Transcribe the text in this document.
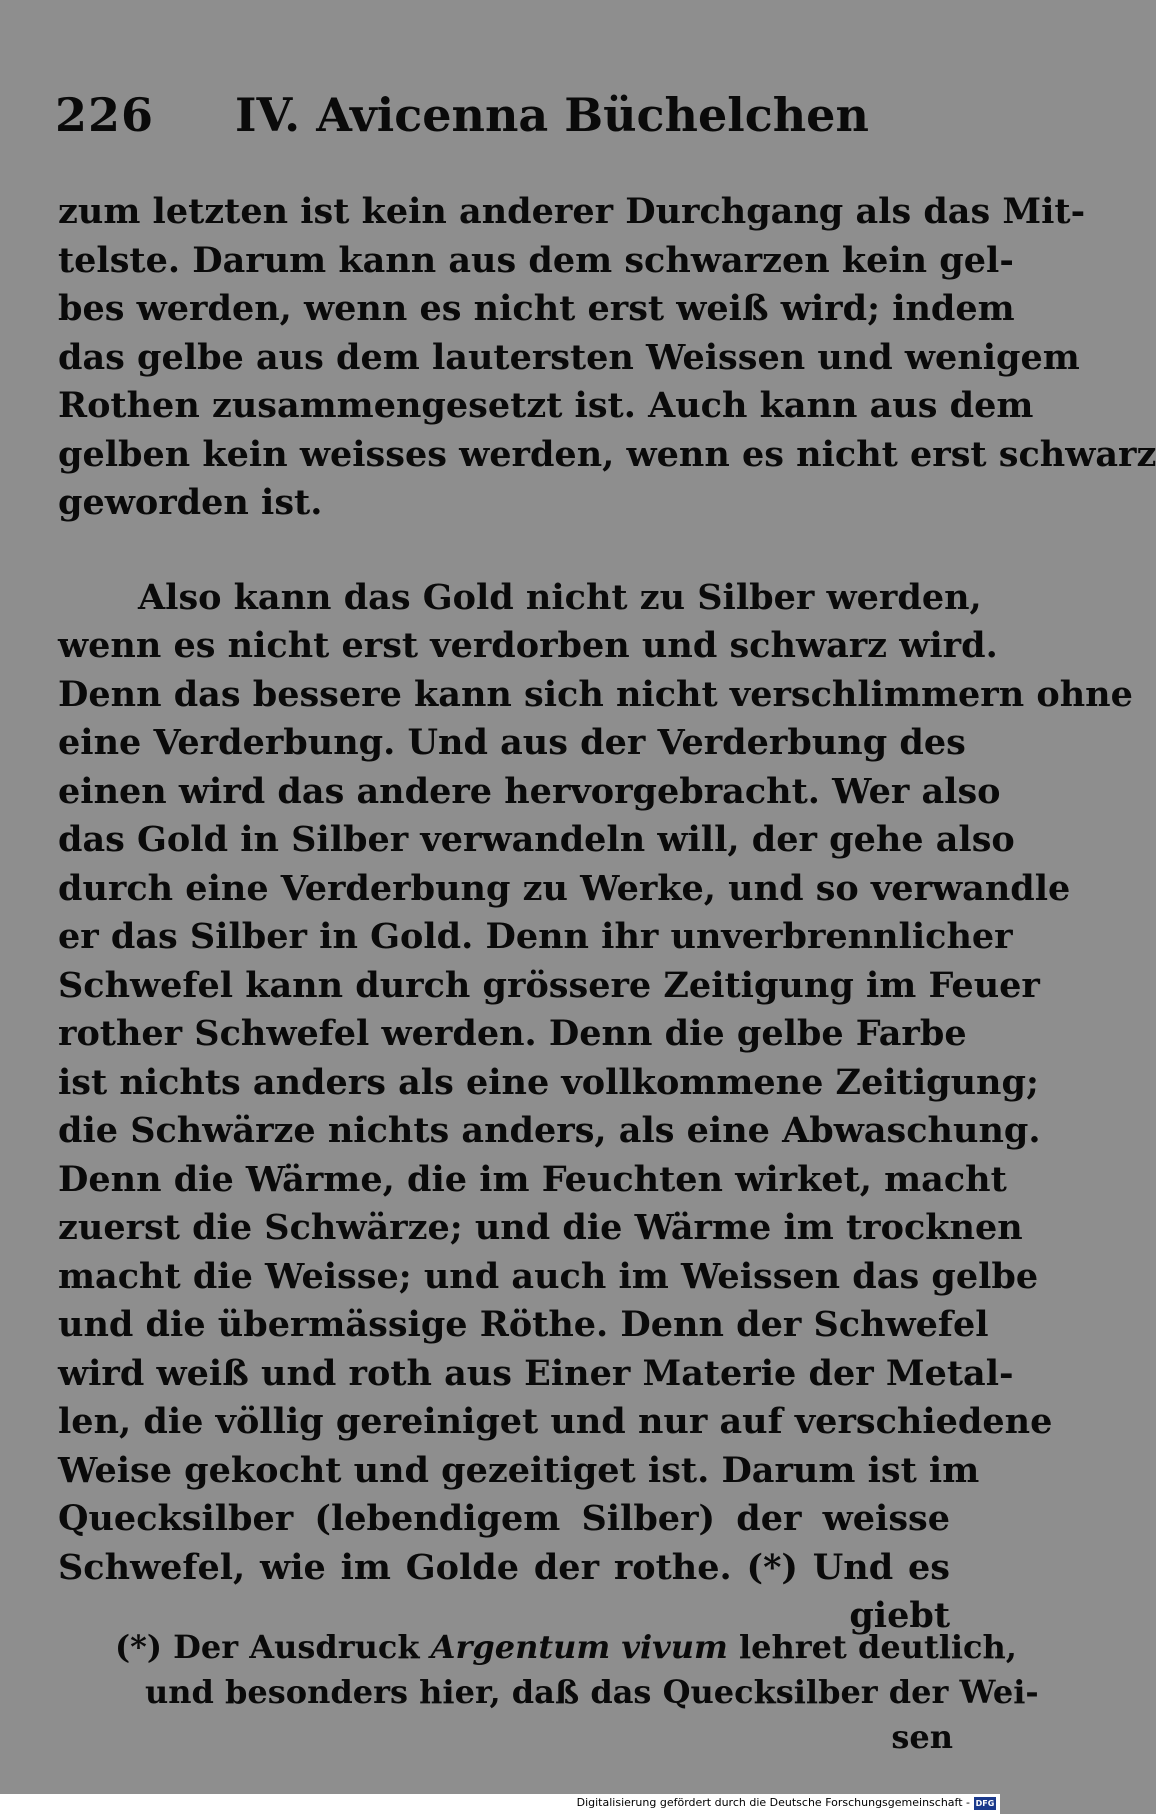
226 IV. Avicenna Büchelchen
zum letzten ist kein anderer Durchgang als das Mit-
telste. Darum kann aus dem schwarzen kein gel-
bes werden, wenn es nicht erst weiß wird; indem
das gelbe aus dem lautersten Weissen und wenigem
Rothen zusammengesetzt ist. Auch kann aus dem
gelben kein weisses werden, wenn es nicht erst schwarz
geworden ist.
Also kann das Gold nicht zu Silber werden,
wenn es nicht erst verdorben und schwarz wird.
Denn das bessere kann sich nicht verschlimmern ohne
eine Verderbung. Und aus der Verderbung des
einen wird das andere hervorgebracht. Wer also
das Gold in Silber verwandeln will, der gehe also
durch eine Verderbung zu Werke, und so verwandle
er das Silber in Gold. Denn ihr unverbrennlicher
Schwefel kann durch grössere Zeitigung im Feuer
rother Schwefel werden. Denn die gelbe Farbe
ist nichts anders als eine vollkommene Zeitigung;
die Schwärze nichts anders, als eine Abwaschung.
Denn die Wärme, die im Feuchten wirket, macht
zuerst die Schwärze; und die Wärme im trocknen
macht die Weisse; und auch im Weissen das gelbe
und die übermässige Röthe. Denn der Schwefel
wird weiß und roth aus Einer Materie der Metal-
len, die völlig gereiniget und nur auf verschiedene
Weise gekocht und gezeitiget ist. Darum ist im
Quecksilber (lebendigem Silber) der weisse
Schwefel, wie im Golde der rothe. (*) Und es
giebt
(*) Der Ausdruck Argentum vivum lehret deutlich,
und besonders hier, daß das Quecksilber der Wei-
sen
Digitalisierung gefördert durch die Deutsche Forschungsgemeinschaft - DFG
